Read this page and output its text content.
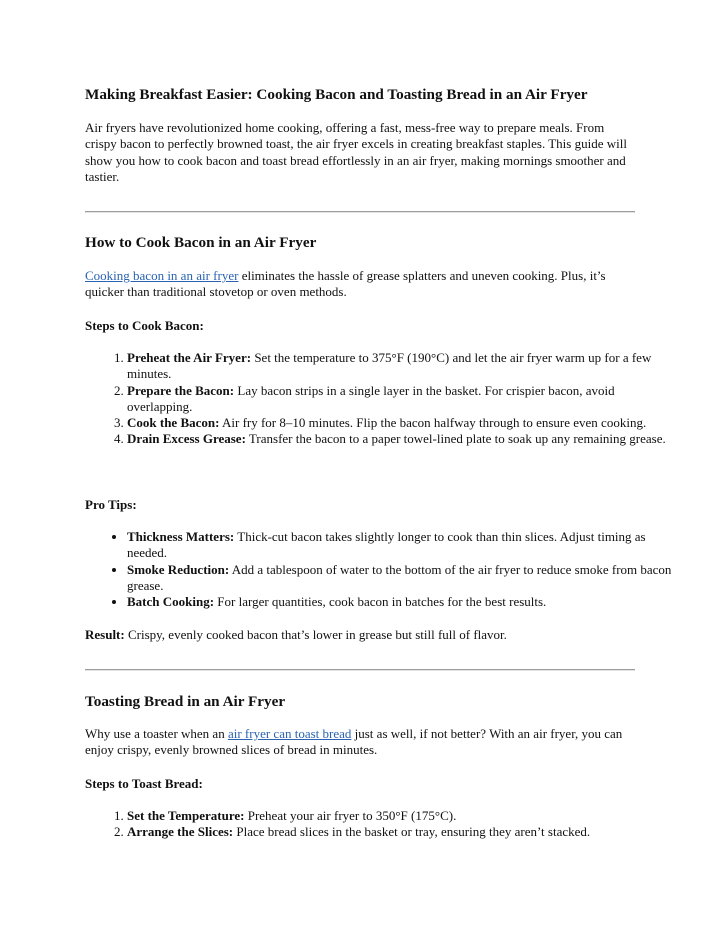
Making Breakfast Easier: Cooking Bacon and Toasting Bread in an Air Fryer

Air fryers have revolutionized home cooking, offering a fast, mess-free way to prepare meals. From crispy bacon to perfectly browned toast, the air fryer excels in creating breakfast staples. This guide will show you how to cook bacon and toast bread effortlessly in an air fryer, making mornings smoother and tastier.

How to Cook Bacon in an Air Fryer

Cooking bacon in an air fryer eliminates the hassle of grease splatters and uneven cooking. Plus, it’s quicker than traditional stovetop or oven methods.

Steps to Cook Bacon:

1. Preheat the Air Fryer: Set the temperature to 375°F (190°C) and let the air fryer warm up for a few minutes.
2. Prepare the Bacon: Lay bacon strips in a single layer in the basket. For crispier bacon, avoid overlapping.
3. Cook the Bacon: Air fry for 8–10 minutes. Flip the bacon halfway through to ensure even cooking.
4. Drain Excess Grease: Transfer the bacon to a paper towel-lined plate to soak up any remaining grease.

Pro Tips:

• Thickness Matters: Thick-cut bacon takes slightly longer to cook than thin slices. Adjust timing as needed.
• Smoke Reduction: Add a tablespoon of water to the bottom of the air fryer to reduce smoke from bacon grease.
• Batch Cooking: For larger quantities, cook bacon in batches for the best results.

Result: Crispy, evenly cooked bacon that’s lower in grease but still full of flavor.

Toasting Bread in an Air Fryer

Why use a toaster when an air fryer can toast bread just as well, if not better? With an air fryer, you can enjoy crispy, evenly browned slices of bread in minutes.

Steps to Toast Bread:

1. Set the Temperature: Preheat your air fryer to 350°F (175°C).
2. Arrange the Slices: Place bread slices in the basket or tray, ensuring they aren’t stacked.
